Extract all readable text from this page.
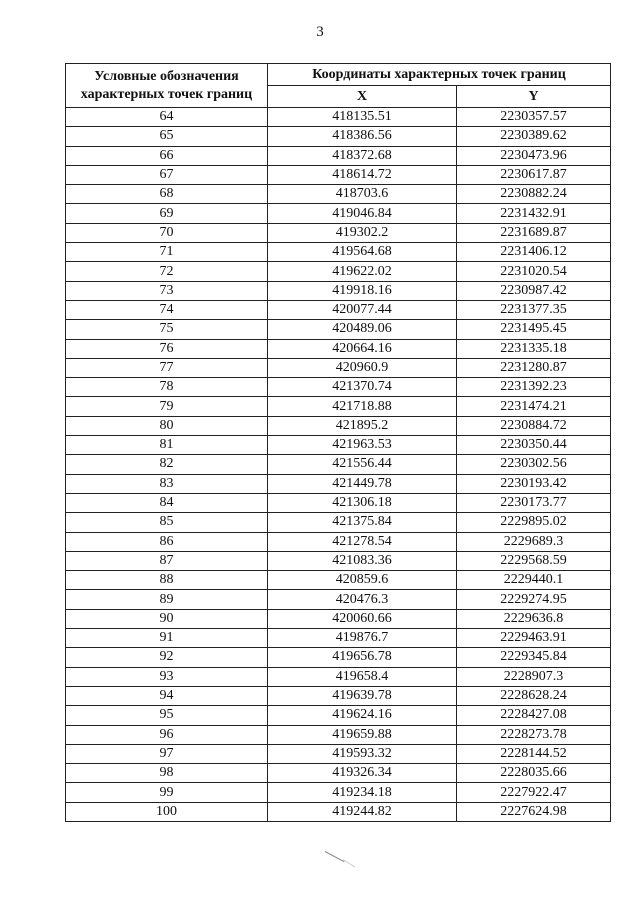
3
Условные обозначения характерных точек границ	Координаты характерных точек границ	
	X	Y
64	418135.51	2230357.57
65	418386.56	2230389.62
66	418372.68	2230473.96
67	418614.72	2230617.87
68	418703.6	2230882.24
69	419046.84	2231432.91
70	419302.2	2231689.87
71	419564.68	2231406.12
72	419622.02	2231020.54
73	419918.16	2230987.42
74	420077.44	2231377.35
75	420489.06	2231495.45
76	420664.16	2231335.18
77	420960.9	2231280.87
78	421370.74	2231392.23
79	421718.88	2231474.21
80	421895.2	2230884.72
81	421963.53	2230350.44
82	421556.44	2230302.56
83	421449.78	2230193.42
84	421306.18	2230173.77
85	421375.84	2229895.02
86	421278.54	2229689.3
87	421083.36	2229568.59
88	420859.6	2229440.1
89	420476.3	2229274.95
90	420060.66	2229636.8
91	419876.7	2229463.91
92	419656.78	2229345.84
93	419658.4	2228907.3
94	419639.78	2228628.24
95	419624.16	2228427.08
96	419659.88	2228273.78
97	419593.32	2228144.52
98	419326.34	2228035.66
99	419234.18	2227922.47
100	419244.82	2227624.98
